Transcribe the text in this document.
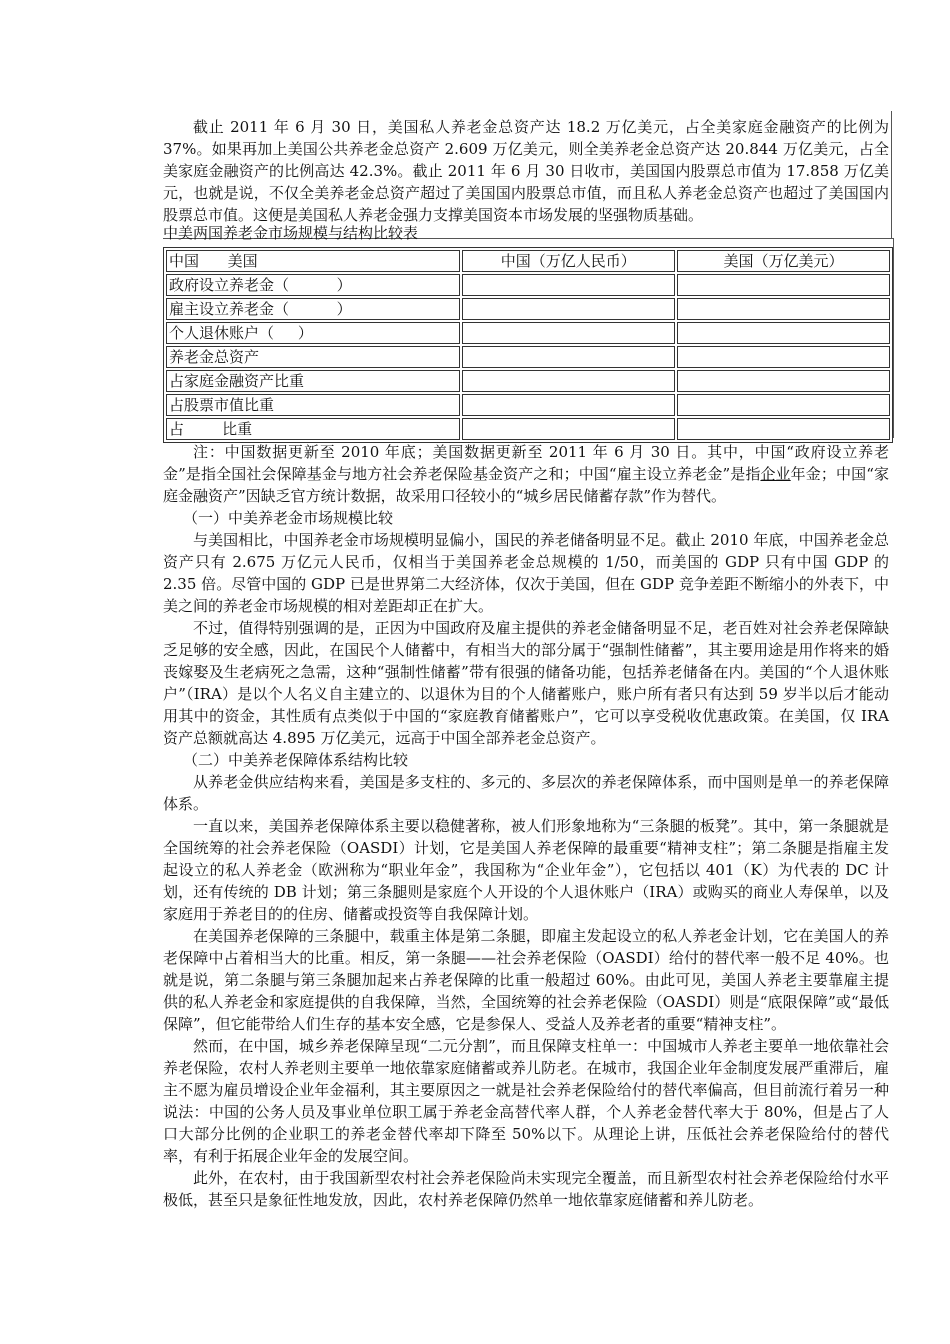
截止 2011 年 6 月 30 日，美国私人养老金总资产达 18.2 万亿美元，占全美家庭金融资产的比例为 37%。如果再加上美国公共养老金总资产 2.609 万亿美元，则全美养老金总资产达 20.844 万亿美元，占全美家庭金融资产的比例高达 42.3%。截止 2011 年 6 月 30 日收市，美国国内股票总市值为 17.858 万亿美元，也就是说，不仅全美养老金总资产超过了美国国内股票总市值，而且私人养老金总资产也超过了美国国内股票总市值。这便是美国私人养老金强力支撑美国资本市场发展的坚强物质基础。

中美两国养老金市场规模与结构比较表
中国      美国	中国（万亿人民币）	美国（万亿美元）
政府设立养老金（          ）		
雇主设立养老金（          ）		
个人退休账户（     ）		
养老金总资产		
占家庭金融资产比重		
占股票市值比重		
占        比重		

注：中国数据更新至 2010 年底；美国数据更新至 2011 年 6 月 30 日。其中，中国“政府设立养老金”是指全国社会保障基金与地方社会养老保险基金资产之和；中国“雇主设立养老金”是指企业年金；中国“家庭金融资产”因缺乏官方统计数据，故采用口径较小的“城乡居民储蓄存款”作为替代。

（一）中美养老金市场规模比较

与美国相比，中国养老金市场规模明显偏小，国民的养老储备明显不足。截止 2010 年底，中国养老金总资产只有 2.675 万亿元人民币，仅相当于美国养老金总规模的 1/50，而美国的 GDP 只有中国 GDP 的 2.35 倍。尽管中国的 GDP 已是世界第二大经济体，仅次于美国，但在 GDP 竞争差距不断缩小的外表下，中美之间的养老金市场规模的相对差距却正在扩大。

不过，值得特别强调的是，正因为中国政府及雇主提供的养老金储备明显不足，老百姓对社会养老保障缺乏足够的安全感，因此，在国民个人储蓄中，有相当大的部分属于“强制性储蓄”，其主要用途是用作将来的婚丧嫁娶及生老病死之急需，这种“强制性储蓄”带有很强的储备功能，包括养老储备在内。美国的“个人退休账户”（IRA）是以个人名义自主建立的、以退休为目的个人储蓄账户，账户所有者只有达到 59 岁半以后才能动用其中的资金，其性质有点类似于中国的“家庭教育储蓄账户”，它可以享受税收优惠政策。在美国，仅 IRA 资产总额就高达 4.895 万亿美元，远高于中国全部养老金总资产。

（二）中美养老保障体系结构比较

从养老金供应结构来看，美国是多支柱的、多元的、多层次的养老保障体系，而中国则是单一的养老保障体系。

一直以来，美国养老保障体系主要以稳健著称，被人们形象地称为“三条腿的板凳”。其中，第一条腿就是全国统筹的社会养老保险（OASDI）计划，它是美国人养老保障的最重要“精神支柱”；第二条腿是指雇主发起设立的私人养老金（欧洲称为“职业年金”，我国称为“企业年金”），它包括以 401（K）为代表的 DC 计划，还有传统的 DB 计划；第三条腿则是家庭个人开设的个人退休账户（IRA）或购买的商业人寿保单，以及家庭用于养老目的的住房、储蓄或投资等自我保障计划。

在美国养老保障的三条腿中，载重主体是第二条腿，即雇主发起设立的私人养老金计划，它在美国人的养老保障中占着相当大的比重。相反，第一条腿——社会养老保险（OASDI）给付的替代率一般不足 40%。也就是说，第二条腿与第三条腿加起来占养老保障的比重一般超过 60%。由此可见，美国人养老主要靠雇主提供的私人养老金和家庭提供的自我保障，当然，全国统筹的社会养老保险（OASDI）则是“底限保障”或“最低保障”，但它能带给人们生存的基本安全感，它是参保人、受益人及养老者的重要“精神支柱”。

然而，在中国，城乡养老保障呈现“二元分割”，而且保障支柱单一：中国城市人养老主要单一地依靠社会养老保险，农村人养老则主要单一地依靠家庭储蓄或养儿防老。在城市，我国企业年金制度发展严重滞后，雇主不愿为雇员增设企业年金福利，其主要原因之一就是社会养老保险给付的替代率偏高，但目前流行着另一种说法：中国的公务人员及事业单位职工属于养老金高替代率人群，个人养老金替代率大于 80%，但是占了人口大部分比例的企业职工的养老金替代率却下降至 50%以下。从理论上讲，压低社会养老保险给付的替代率，有利于拓展企业年金的发展空间。

此外，在农村，由于我国新型农村社会养老保险尚未实现完全覆盖，而且新型农村社会养老保险给付水平极低，甚至只是象征性地发放，因此，农村养老保障仍然单一地依靠家庭储蓄和养儿防老。
